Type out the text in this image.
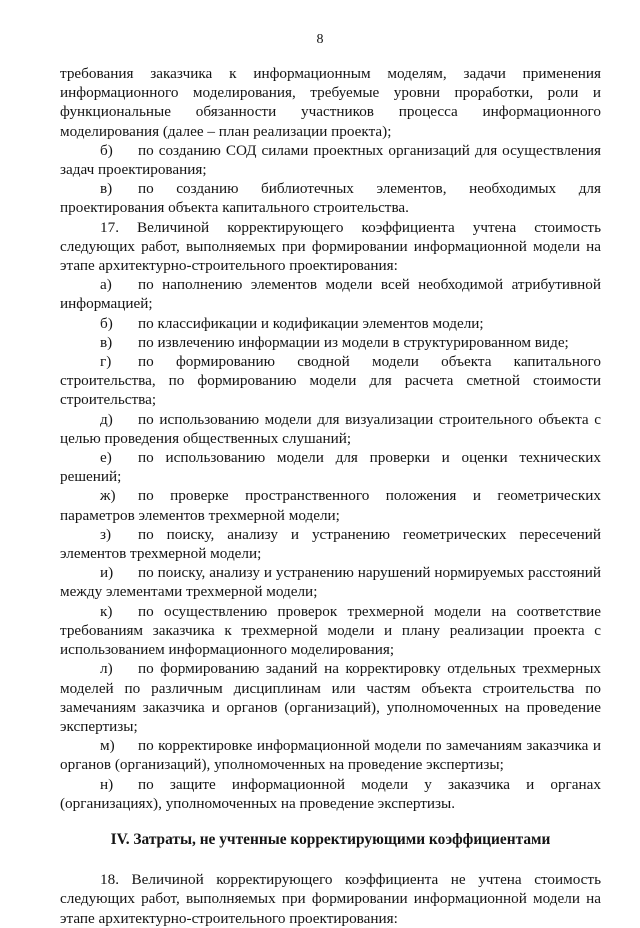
8

требования заказчика к информационным моделям, задачи применения информационного моделирования, требуемые уровни проработки, роли и функциональные обязанности участников процесса информационного моделирования (далее – план реализации проекта);

б) по созданию СОД силами проектных организаций для осуществления задач проектирования;

в) по созданию библиотечных элементов, необходимых для проектирования объекта капитального строительства.

17. Величиной корректирующего коэффициента учтена стоимость следующих работ, выполняемых при формировании информационной модели на этапе архитектурно-строительного проектирования:

а) по наполнению элементов модели всей необходимой атрибутивной информацией;

б) по классификации и кодификации элементов модели;

в) по извлечению информации из модели в структурированном виде;

г) по формированию сводной модели объекта капитального строительства, по формированию модели для расчета сметной стоимости строительства;

д) по использованию модели для визуализации строительного объекта с целью проведения общественных слушаний;

е) по использованию модели для проверки и оценки технических решений;

ж) по проверке пространственного положения и геометрических параметров элементов трехмерной модели;

з) по поиску, анализу и устранению геометрических пересечений элементов трехмерной модели;

и) по поиску, анализу и устранению нарушений нормируемых расстояний между элементами трехмерной модели;

к) по осуществлению проверок трехмерной модели на соответствие требованиям заказчика к трехмерной модели и плану реализации проекта с использованием информационного моделирования;

л) по формированию заданий на корректировку отдельных трехмерных моделей по различным дисциплинам или частям объекта строительства по замечаниям заказчика и органов (организаций), уполномоченных на проведение экспертизы;

м) по корректировке информационной модели по замечаниям заказчика и органов (организаций), уполномоченных на проведение экспертизы;

н) по защите информационной модели у заказчика и органах (организациях), уполномоченных на проведение экспертизы.

IV. Затраты, не учтенные корректирующими коэффициентами

18. Величиной корректирующего коэффициента не учтена стоимость следующих работ, выполняемых при формировании информационной модели на этапе архитектурно-строительного проектирования:
